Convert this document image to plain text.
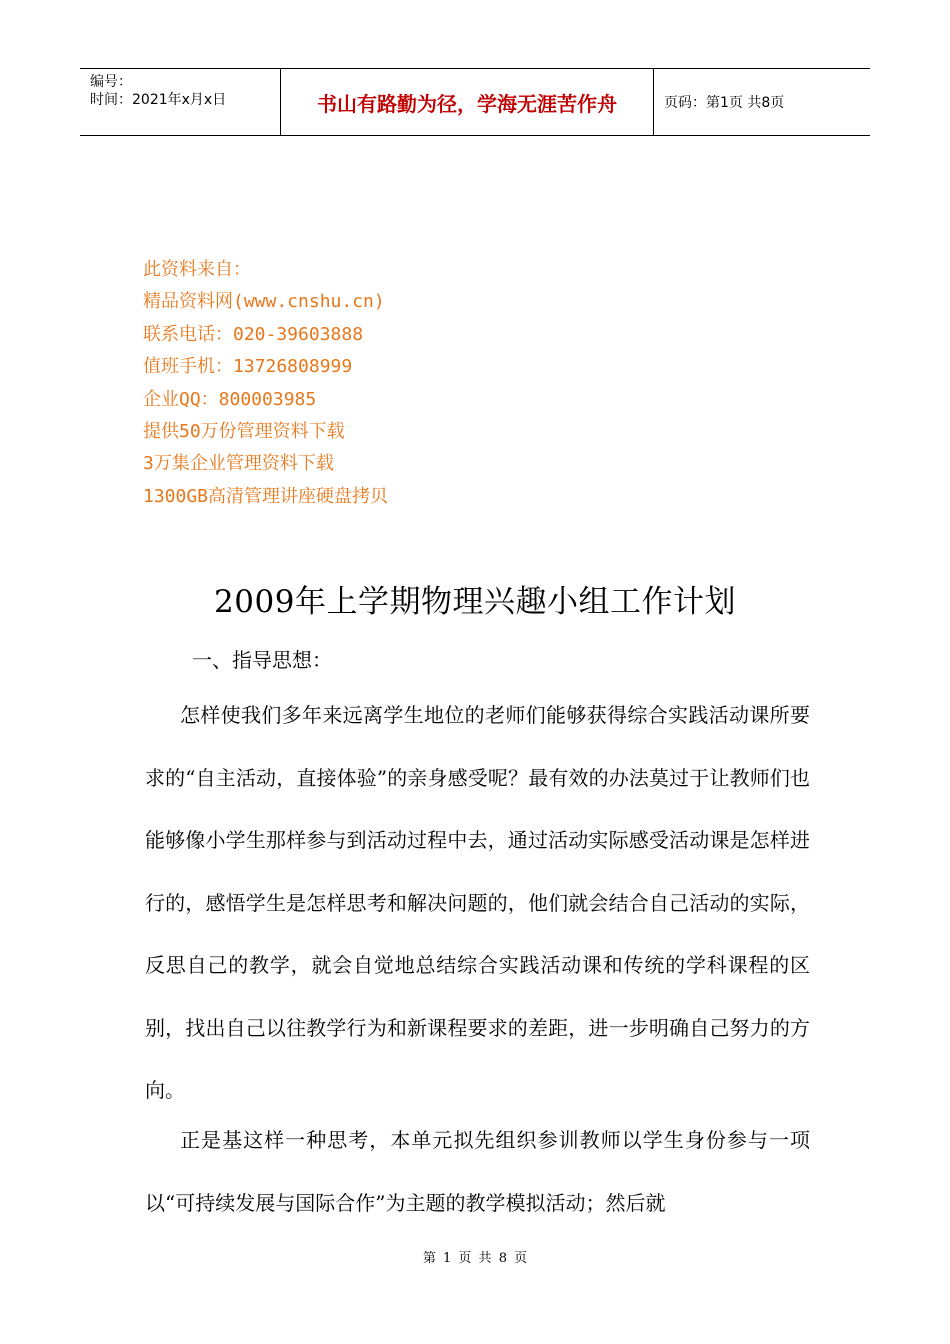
编号：
时间：2021年x月x日	书山有路勤为径，学海无涯苦作舟	页码：第1页 共8页
此资料来自：
精品资料网(www.cnshu.cn)
联系电话：020-39603888
值班手机：13726808999
企业QQ：800003985
提供50万份管理资料下载
3万集企业管理资料下载
1300GB高清管理讲座硬盘拷贝
2009年上学期物理兴趣小组工作计划
一、指导思想：

怎样使我们多年来远离学生地位的老师们能够获得综合实践活动课所要求的“自主活动，直接体验”的亲身感受呢？最有效的办法莫过于让教师们也能够像小学生那样参与到活动过程中去，通过活动实际感受活动课是怎样进行的，感悟学生是怎样思考和解决问题的，他们就会结合自己活动的实际，反思自己的教学，就会自觉地总结综合实践活动课和传统的学科课程的区别，找出自己以往教学行为和新课程要求的差距，进一步明确自己努力的方向。

正是基这样一种思考，本单元拟先组织参训教师以学生身份参与一项以“可持续发展与国际合作”为主题的教学模拟活动；然后就

第 1 页 共 8 页
